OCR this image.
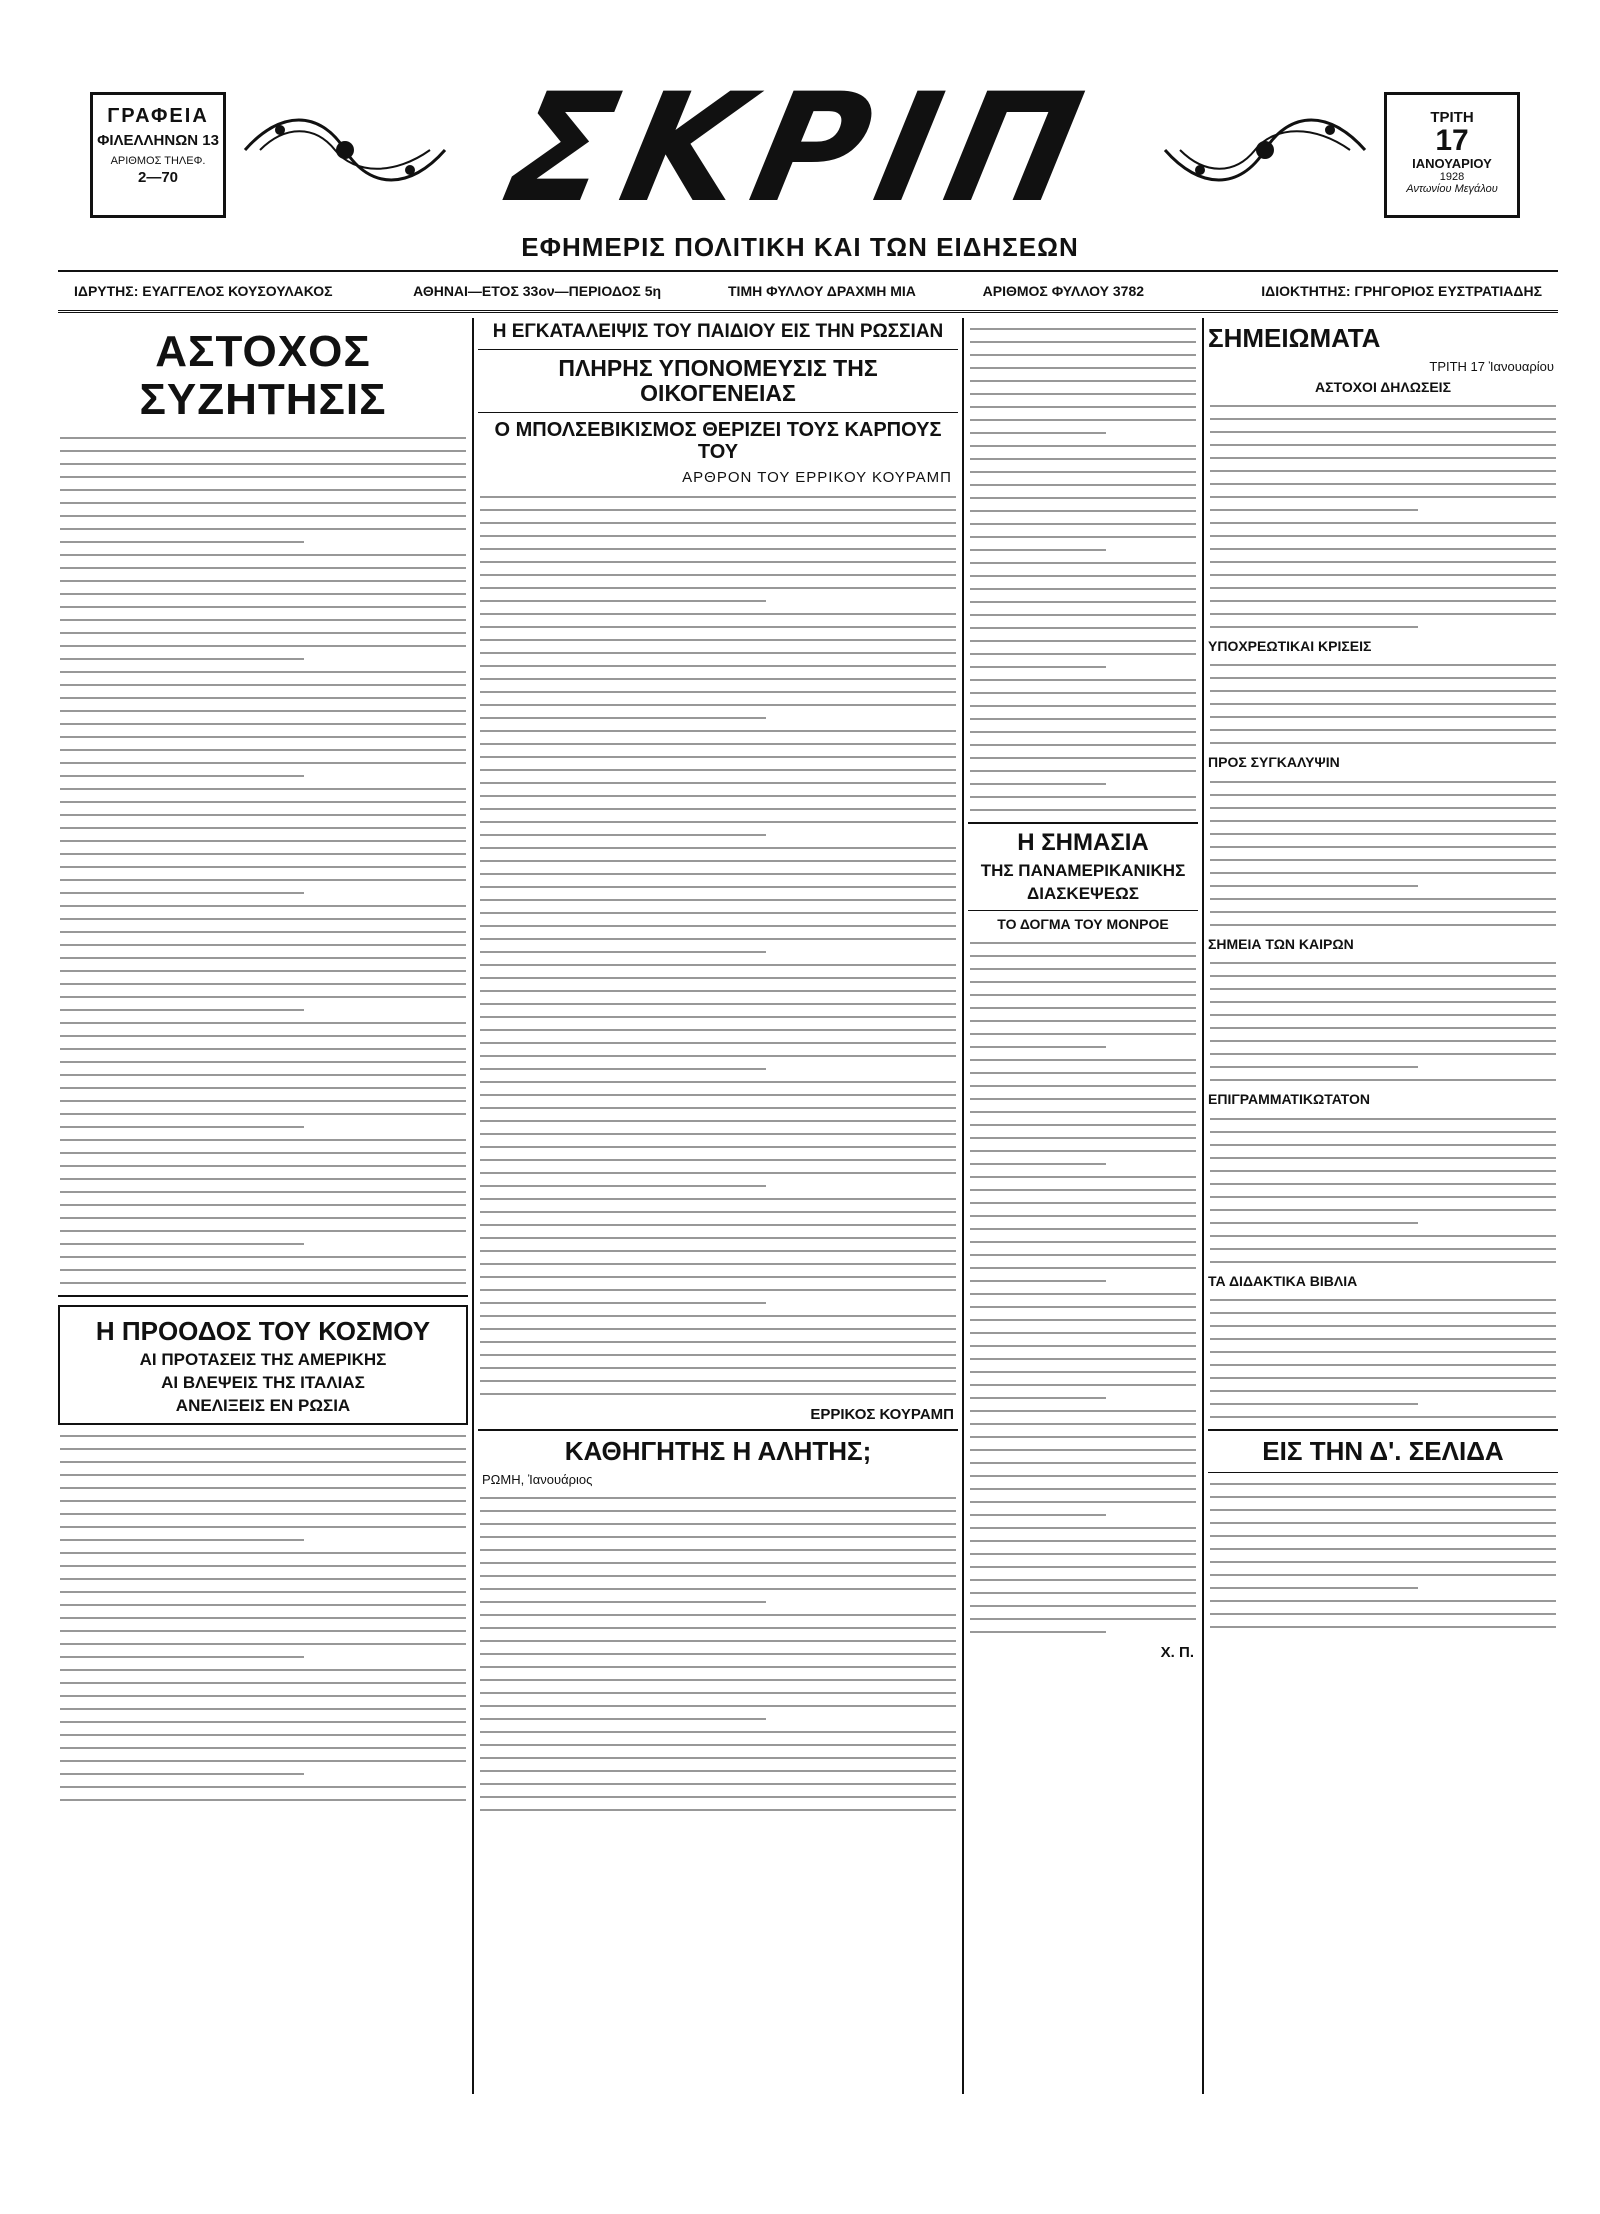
ΓΡΑΦΕΙΑ
ΦΙΛΕΛΛΗΝΩΝ 13
ΑΡΙΘΜΟΣ ΤΗΛΕΦ.
2—70 ΣΚΡΙΠ	ΤΡΙΤΗ
17
ΙΑΝΟΥΑΡΙΟΥ
1928
Αντωνίου Μεγάλου
ΕΦΗΜΕΡΙΣ ΠΟΛΙΤΙΚΗ ΚΑΙ ΤΩΝ ΕΙΔΗΣΕΩΝ
ΙΔΡΥΤΗΣ: ΕΥΑΓΓΕΛΟΣ ΚΟΥΣΟΥΛΑΚΟΣ	ΑΘΗΝΑΙ—ΕΤΟΣ 33ον—ΠΕΡΙΟΔΟΣ 5η	ΤΙΜΗ ΦΥΛΛΟΥ ΔΡΑΧΜΗ ΜΙΑ	ΑΡΙΘΜΟΣ ΦΥΛΛΟΥ 3782	ΙΔΙΟΚΤΗΤΗΣ: ΓΡΗΓΟΡΙΟΣ ΕΥΣΤΡΑΤΙΑΔΗΣ
ΑΣΤΟΧΟΣ ΣΥΖΗΤΗΣΙΣ
Η ΠΡΟΟΔΟΣ ΤΟΥ ΚΟΣΜΟΥ
ΑΙ ΠΡΟΤΑΣΕΙΣ ΤΗΣ ΑΜΕΡΙΚΗΣ
ΑΙ ΒΛΕΨΕΙΣ ΤΗΣ ΙΤΑΛΙΑΣ
ΑΝΕΛΙΞΕΙΣ ΕΝ ΡΩΣΙΑ
Η ΕΓΚΑΤΑΛΕΙΨΙΣ ΤΟΥ ΠΑΙΔΙΟΥ ΕΙΣ ΤΗΝ ΡΩΣΣΙΑΝ
ΠΛΗΡΗΣ ΥΠΟΝΟΜΕΥΣΙΣ ΤΗΣ ΟΙΚΟΓΕΝΕΙΑΣ
Ο ΜΠΟΛΣΕΒΙΚΙΣΜΟΣ ΘΕΡΙΖΕΙ ΤΟΥΣ ΚΑΡΠΟΥΣ ΤΟΥ
ΑΡΘΡΟΝ ΤΟΥ ΕΡΡΙΚΟΥ ΚΟΥΡΑΜΠ
ΕΡΡΙΚΟΣ ΚΟΥΡΑΜΠ
ΚΑΘΗΓΗΤΗΣ Η ΑΛΗΤΗΣ;
ΡΩΜΗ, Ἰανουάριος
Η ΣΗΜΑΣΙΑ
ΤΗΣ ΠΑΝΑΜΕΡΙΚΑΝΙΚΗΣ
ΔΙΑΣΚΕΨΕΩΣ
ΤΟ ΔΟΓΜΑ ΤΟΥ ΜΟΝΡΟΕ
Χ. Π.
ΣΗΜΕΙΩΜΑΤΑ
ΤΡΙΤΗ 17 Ἰανουαρίου
ΑΣΤΟΧΟΙ ΔΗΛΩΣΕΙΣ
ΥΠΟΧΡΕΩΤΙΚΑΙ ΚΡΙΣΕΙΣ
ΠΡΟΣ ΣΥΓΚΑΛΥΨΙΝ
ΣΗΜΕΙΑ ΤΩΝ ΚΑΙΡΩΝ
ΕΠΙΓΡΑΜΜΑΤΙΚΩΤΑΤΟΝ
ΤΑ ΔΙΔΑΚΤΙΚΑ ΒΙΒΛΙΑ
ΕΙΣ ΤΗΝ Δ'. ΣΕΛΙΔΑ
